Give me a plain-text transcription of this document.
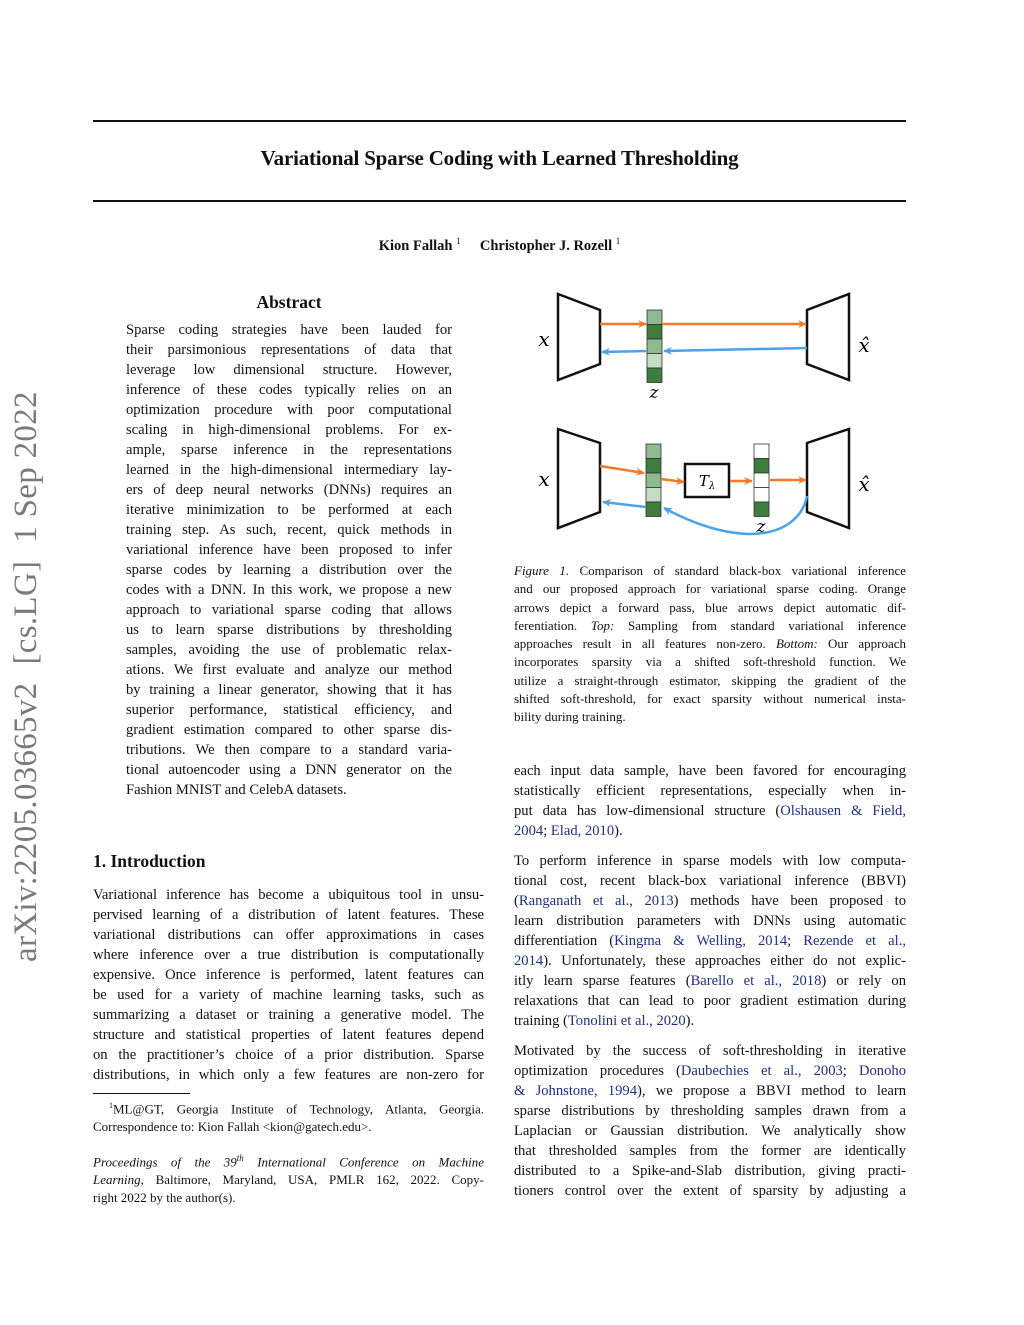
arXiv:2205.03665v2[cs.LG]1 Sep 2022
Variational Sparse Coding with Learned Thresholding
Kion Fallah $^1$ Christopher J. Rozell $^1$
Abstract
Sparse coding strategies have been lauded for
their parsimonious representations of data that
leverage low dimensional structure. However,
inference of these codes typically relies on an
optimization procedure with poor computational
scaling in high-dimensional problems. For ex-
ample, sparse inference in the representations
learned in the high-dimensional intermediary lay-
ers of deep neural networks (DNNs) requires an
iterative minimization to be performed at each
training step. As such, recent, quick methods in
variational inference have been proposed to infer
sparse codes by learning a distribution over the
codes with a DNN. In this work, we propose a new
approach to variational sparse coding that allows
us to learn sparse distributions by thresholding
samples, avoiding the use of problematic relax-
ations. We first evaluate and analyze our method
by training a linear generator, showing that it has
superior performance, statistical efficiency, and
gradient estimation compared to other sparse dis-
tributions. We then compare to a standard varia-
tional autoencoder using a DNN generator on the
Fashion MNIST and CelebA datasets.
1. Introduction
Variational inference has become a ubiquitous tool in unsu-
pervised learning of a distribution of latent features. These
variational distributions can offer approximations in cases
where inference over a true distribution is computationally
expensive. Once inference is performed, latent features can
be used for a variety of machine learning tasks, such as
summarizing a dataset or training a generative model. The
structure and statistical properties of latent features depend
on the practitioner’s choice of a prior distribution. Sparse
distributions, in which only a few features are non-zero for
$^1$ML@GT, Georgia Institute of Technology, Atlanta, Georgia.
Correspondence to: Kion Fallah <kion@gatech.edu>.
Proceedings of the 39th International Conference on Machine
Learning, Baltimore, Maryland, USA, PMLR 162, 2022. Copy-
right 2022 by the author(s).
x	x̂
z
x	x̂
$T_\lambda$
z
Figure 1. Comparison of standard black-box variational inference
and our proposed approach for variational sparse coding. Orange
arrows depict a forward pass, blue arrows depict automatic dif-
ferentiation. Top: Sampling from standard variational inference
approaches result in all features non-zero. Bottom: Our approach
incorporates sparsity via a shifted soft-threshold function. We
utilize a straight-through estimator, skipping the gradient of the
shifted soft-threshold, for exact sparsity without numerical insta-
bility during training.
each input data sample, have been favored for encouraging
statistically efficient representations, especially when in-
put data has low-dimensional structure (Olshausen & Field,
2004; Elad, 2010).
To perform inference in sparse models with low computa-
tional cost, recent black-box variational inference (BBVI)
(Ranganath et al., 2013) methods have been proposed to
learn distribution parameters with DNNs using automatic
differentiation (Kingma & Welling, 2014; Rezende et al.,
2014). Unfortunately, these approaches either do not explic-
itly learn sparse features (Barello et al., 2018) or rely on
relaxations that can lead to poor gradient estimation during
training (Tonolini et al., 2020).
Motivated by the success of soft-thresholding in iterative
optimization procedures (Daubechies et al., 2003; Donoho
& Johnstone, 1994), we propose a BBVI method to learn
sparse distributions by thresholding samples drawn from a
Laplacian or Gaussian distribution. We analytically show
that thresholded samples from the former are identically
distributed to a Spike-and-Slab distribution, giving practi-
tioners control over the extent of sparsity by adjusting a
